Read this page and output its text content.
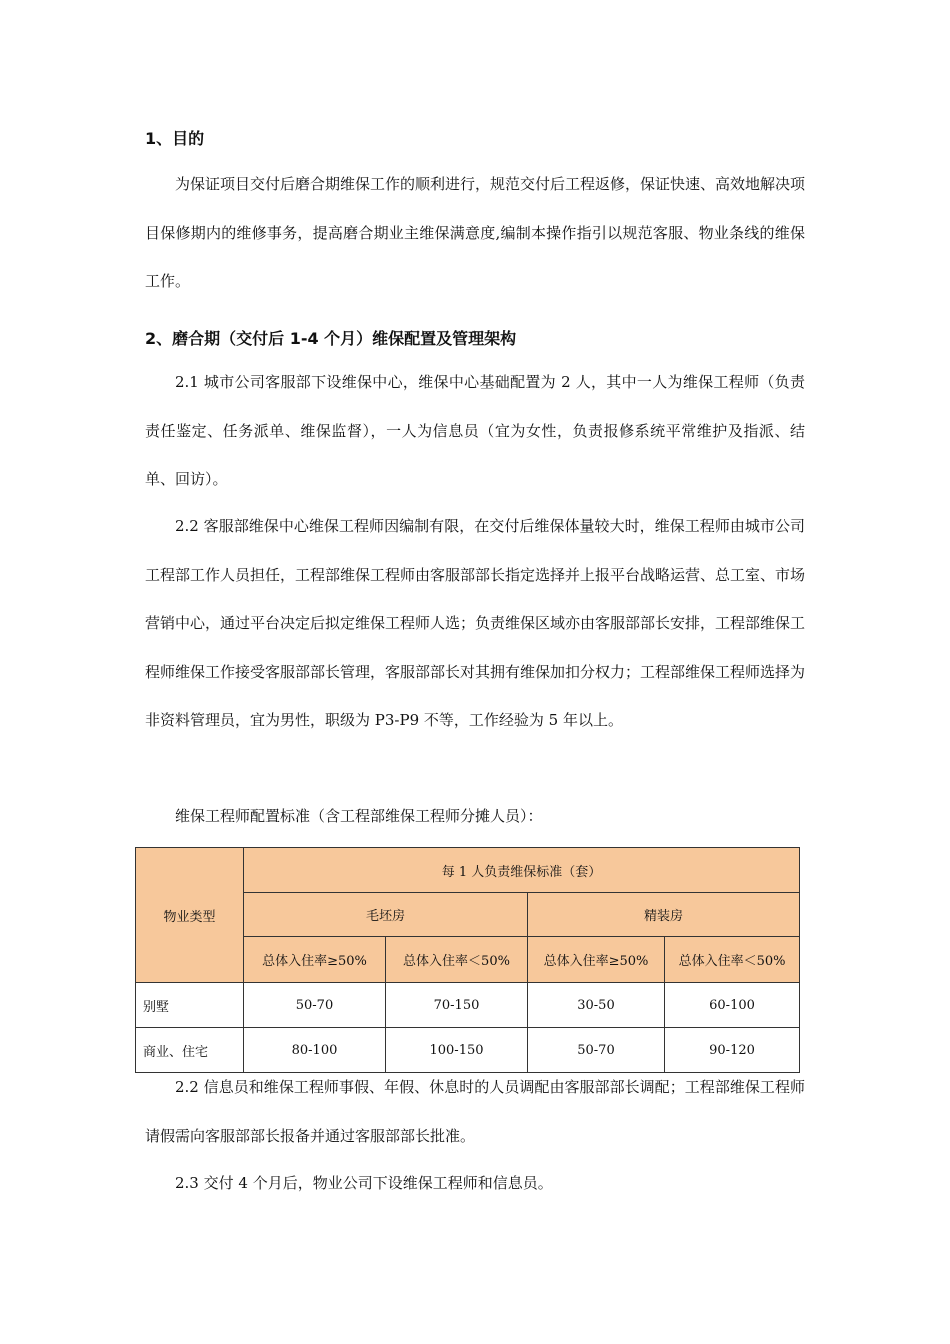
1、目的

为保证项目交付后磨合期维保工作的顺利进行，规范交付后工程返修，保证快速、高效地解决项目保修期内的维修事务，提高磨合期业主维保满意度,编制本操作指引以规范客服、物业条线的维保工作。

2、磨合期（交付后 1-4 个月）维保配置及管理架构

2.1 城市公司客服部下设维保中心，维保中心基础配置为 2 人，其中一人为维保工程师（负责责任鉴定、任务派单、维保监督），一人为信息员（宜为女性，负责报修系统平常维护及指派、结单、回访）。

2.2 客服部维保中心维保工程师因编制有限，在交付后维保体量较大时，维保工程师由城市公司工程部工作人员担任，工程部维保工程师由客服部部长指定选择并上报平台战略运营、总工室、市场营销中心，通过平台决定后拟定维保工程师人选；负责维保区域亦由客服部部长安排，工程部维保工程师维保工作接受客服部部长管理，客服部部长对其拥有维保加扣分权力；工程部维保工程师选择为非资料管理员，宜为男性，职级为 P3-P9 不等，工作经验为 5 年以上。

维保工程师配置标准（含工程部维保工程师分摊人员）：

物业类型	每 1 人负责维保标准（套）			
	毛坯房		精装房	
	总体入住率≥50%	总体入住率＜50%	总体入住率≥50%	总体入住率＜50%
别墅	50-70	70-150	30-50	60-100
商业、住宅	80-100	100-150	50-70	90-120

2.2 信息员和维保工程师事假、年假、休息时的人员调配由客服部部长调配；工程部维保工程师请假需向客服部部长报备并通过客服部部长批准。

2.3 交付 4 个月后，物业公司下设维保工程师和信息员。
